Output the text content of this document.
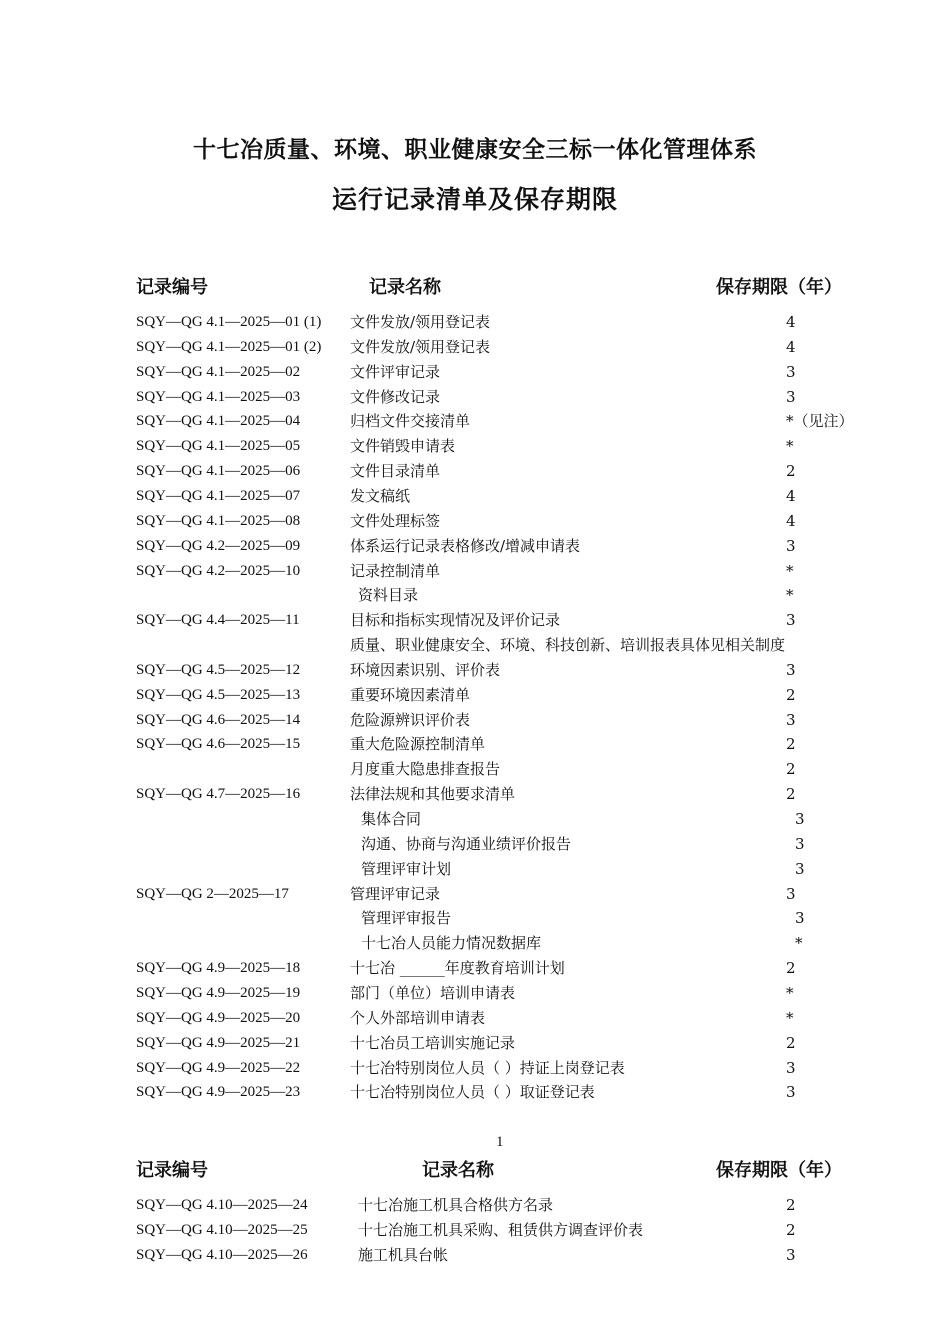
十七冶质量、环境、职业健康安全三标一体化管理体系
运行记录清单及保存期限
记录编号	记录名称	保存期限（年）
SQY—QG 4.1—2025—01 (1) 文件发放/领用登记表	4
SQY—QG 4.1—2025—01 (2) 文件发放/领用登记表	4
SQY—QG 4.1—2025—02	文件评审记录	3
SQY—QG 4.1—2025—03	文件修改记录	3
SQY—QG 4.1—2025—04	归档文件交接清单	*（见注）
SQY—QG 4.1—2025—05	文件销毁申请表	*
SQY—QG 4.1—2025—06	文件目录清单	2
SQY—QG 4.1—2025—07	发文稿纸	4
SQY—QG 4.1—2025—08	文件处理标签	4
SQY—QG 4.2—2025—09	体系运行记录表格修改/增减申请表	3
SQY—QG 4.2—2025—10	记录控制清单	*
资料目录	*
SQY—QG 4.4—2025—11	目标和指标实现情况及评价记录	3
质量、职业健康安全、环境、科技创新、培训报表具体见相关制度
SQY—QG 4.5—2025—12	环境因素识别、评价表	3
SQY—QG 4.5—2025—13	重要环境因素清单	2
SQY—QG 4.6—2025—14	危险源辨识评价表	3
SQY—QG 4.6—2025—15	重大危险源控制清单	2
月度重大隐患排查报告	2
SQY—QG 4.7—2025—16	法律法规和其他要求清单	2
集体合同	3
沟通、协商与沟通业绩评价报告	3
管理评审计划	3
SQY—QG 2—2025—17	管理评审记录	3
管理评审报告	3
十七冶人员能力情况数据库	*
SQY—QG 4.9—2025—18	十七冶 ______年度教育培训计划	2
SQY—QG 4.9—2025—19	部门（单位）培训申请表	*
SQY—QG 4.9—2025—20	个人外部培训申请表	*
SQY—QG 4.9—2025—21	十七冶员工培训实施记录	2
SQY—QG 4.9—2025—22	十七冶特别岗位人员（ ）持证上岗登记表	3
SQY—QG 4.9—2025—23	十七冶特别岗位人员（ ）取证登记表	3
1
记录编号	记录名称	保存期限（年）
SQY—QG 4.10—2025—24	十七冶施工机具合格供方名录	2
SQY—QG 4.10—2025—25	十七冶施工机具采购、租赁供方调查评价表	2
SQY—QG 4.10—2025—26	施工机具台帐	3
